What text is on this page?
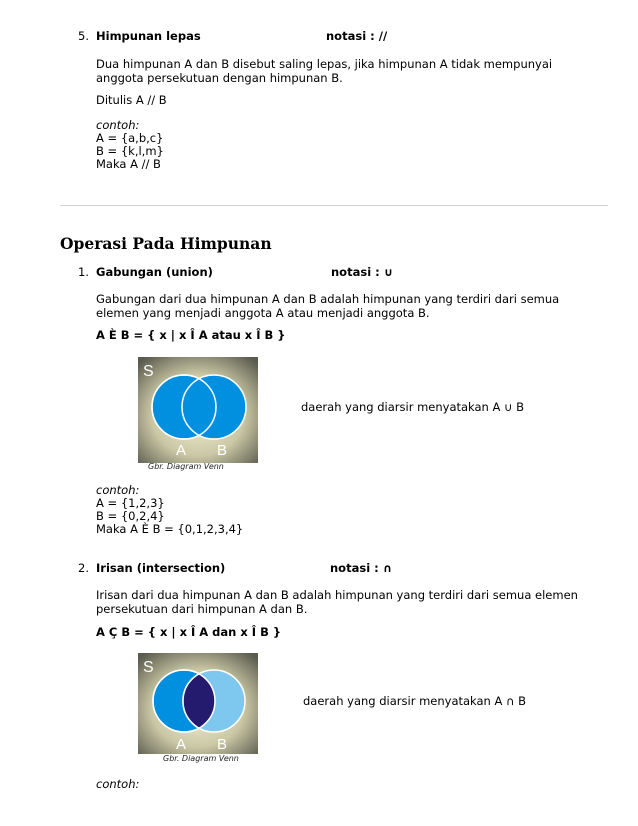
5. Himpunan lepas	notasi : //
Dua himpunan A dan B disebut saling lepas, jika himpunan A tidak mempunyai anggota persekutuan dengan himpunan B.
Ditulis A // B
contoh:
A = {a,b,c}
B = {k,l,m}
Maka A // B
Operasi Pada Himpunan
1. Gabungan (union)	notasi : ∪
Gabungan dari dua himpunan A dan B adalah himpunan yang terdiri dari semua elemen yang menjadi anggota A atau menjadi anggota B.
A È B = { x | x Î A atau x Î B }
S
A B
Gbr. Diagram Venn
daerah yang diarsir menyatakan A ∪ B
contoh:
A = {1,2,3}
B = {0,2,4}
Maka A È B = {0,1,2,3,4}
2. Irisan (intersection)	notasi : ∩
Irisan dari dua himpunan A dan B adalah himpunan yang terdiri dari semua elemen persekutuan dari himpunan A dan B.
A Ç B = { x | x Î A dan x Î B }
S
A B
Gbr. Diagram Venn
daerah yang diarsir menyatakan A ∩ B
contoh:
